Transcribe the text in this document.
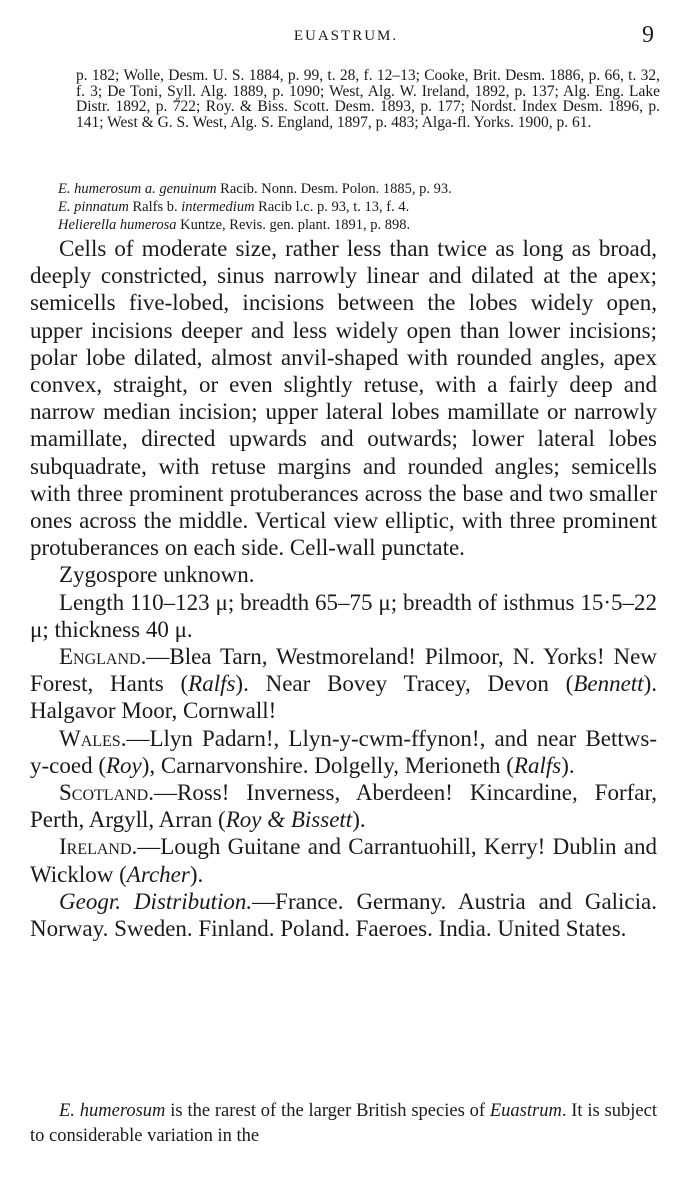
EUASTRUM.	9

p. 182; Wolle, Desm. U. S. 1884, p. 99, t. 28, f. 12–13; Cooke, Brit. Desm. 1886, p. 66, t. 32, f. 3; De Toni, Syll. Alg. 1889, p. 1090; West, Alg. W. Ireland, 1892, p. 137; Alg. Eng. Lake Distr. 1892, p. 722; Roy. & Biss. Scott. Desm. 1893, p. 177; Nordst. Index Desm. 1896, p. 141; West & G. S. West, Alg. S. England, 1897, p. 483; Alga-fl. Yorks. 1900, p. 61.

E. humerosum a. genuinum Racib. Nonn. Desm. Polon. 1885, p. 93.

E. pinnatum Ralfs b. intermedium Racib l.c. p. 93, t. 13, f. 4.

Helierella humerosa Kuntze, Revis. gen. plant. 1891, p. 898.

Cells of moderate size, rather less than twice as long as broad, deeply constricted, sinus narrowly linear and dilated at the apex; semicells five-lobed, incisions between the lobes widely open, upper incisions deeper and less widely open than lower incisions; polar lobe dilated, almost anvil-shaped with rounded angles, apex convex, straight, or even slightly retuse, with a fairly deep and narrow median incision; upper lateral lobes mamillate or narrowly mamillate, directed upwards and outwards; lower lateral lobes subquadrate, with retuse margins and rounded angles; semicells with three prominent protuberances across the base and two smaller ones across the middle. Vertical view elliptic, with three prominent protuberances on each side. Cell-wall punctate.

Zygospore unknown.

Length 110–123 μ; breadth 65–75 μ; breadth of isthmus 15·5–22 μ; thickness 40 μ.

England.—Blea Tarn, Westmoreland! Pilmoor, N. Yorks! New Forest, Hants (Ralfs). Near Bovey Tracey, Devon (Bennett). Halgavor Moor, Cornwall!

Wales.—Llyn Padarn!, Llyn-y-cwm-ffynon!, and near Bettws-y-coed (Roy), Carnarvonshire. Dolgelly, Merioneth (Ralfs).

Scotland.—Ross! Inverness, Aberdeen! Kincardine, Forfar, Perth, Argyll, Arran (Roy & Bissett).

Ireland.—Lough Guitane and Carrantuohill, Kerry! Dublin and Wicklow (Archer).

Geogr. Distribution.—France. Germany. Austria and Galicia. Norway. Sweden. Finland. Poland. Faeroes. India. United States.

E. humerosum is the rarest of the larger British species of Euastrum. It is subject to considerable variation in the
